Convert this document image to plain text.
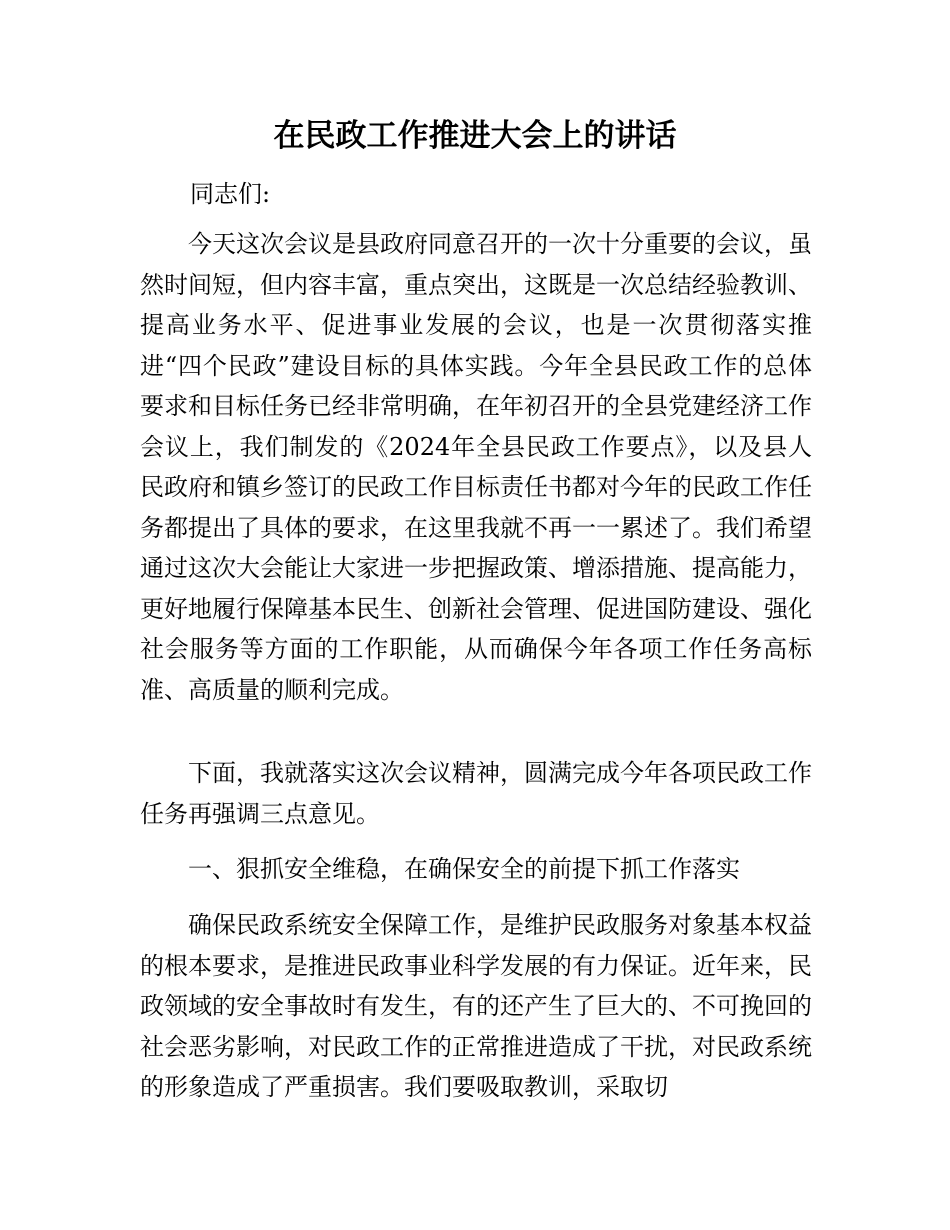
在民政工作推进大会上的讲话
同志们:
今天这次会议是县政府同意召开的一次十分重要的会议，虽然时间短，但内容丰富，重点突出，这既是一次总结经验教训、提高业务水平、促进事业发展的会议，也是一次贯彻落实推进“四个民政”建设目标的具体实践。今年全县民政工作的总体要求和目标任务已经非常明确，在年初召开的全县党建经济工作会议上，我们制发的《2024年全县民政工作要点》，以及县人民政府和镇乡签订的民政工作目标责任书都对今年的民政工作任务都提出了具体的要求，在这里我就不再一一累述了。我们希望通过这次大会能让大家进一步把握政策、增添措施、提高能力，更好地履行保障基本民生、创新社会管理、促进国防建设、强化社会服务等方面的工作职能，从而确保今年各项工作任务高标准、高质量的顺利完成。
下面，我就落实这次会议精神，圆满完成今年各项民政工作任务再强调三点意见。
一、狠抓安全维稳，在确保安全的前提下抓工作落实
确保民政系统安全保障工作，是维护民政服务对象基本权益的根本要求，是推进民政事业科学发展的有力保证。近年来，民政领域的安全事故时有发生，有的还产生了巨大的、不可挽回的社会恶劣影响，对民政工作的正常推进造成了干扰，对民政系统的形象造成了严重损害。我们要吸取教训，采取切
